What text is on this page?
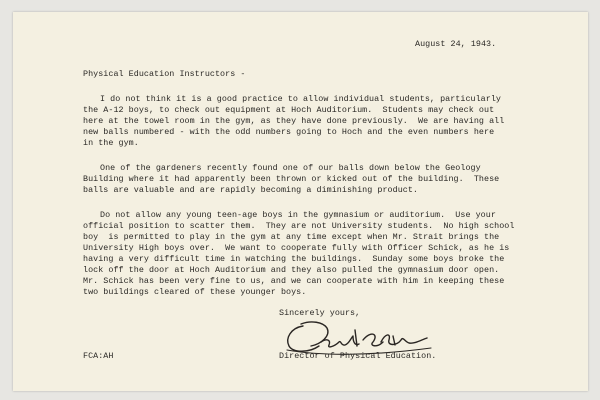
August 24, 1943.
Physical Education Instructors -
I do not think it is a good practice to allow individual students, particularly
the A-12 boys, to check out equipment at Hoch Auditorium.  Students may check out
here at the towel room in the gym, as they have done previously.  We are having all
new balls numbered - with the odd numbers going to Hoch and the even numbers here
in the gym.
One of the gardeners recently found one of our balls down below the Geology
Building where it had apparently been thrown or kicked out of the building.  These
balls are valuable and are rapidly becoming a diminishing product.
Do not allow any young teen-age boys in the gymnasium or auditorium.  Use your
official position to scatter them.  They are not University students.  No high school
boy  is permitted to play in the gym at any time except when Mr. Strait brings the
University High boys over.  We want to cooperate fully with Officer Schick, as he is
having a very difficult time in watching the buildings.  Sunday some boys broke the
lock off the door at Hoch Auditorium and they also pulled the gymnasium door open.
Mr. Schick has been very fine to us, and we can cooperate with him in keeping these
two buildings cleared of these younger boys.
Sincerely yours,
FCA:AH	Director of Physical Education.
